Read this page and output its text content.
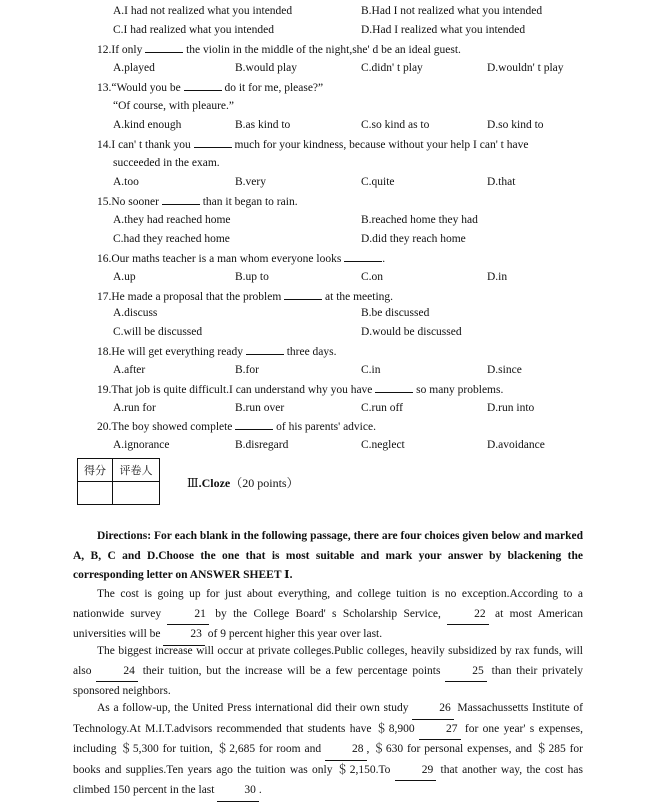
A.I had not realized what you intended	B.Had I not realized what you intended
C.I had realized what you intended	D.Had I realized what you intended
12.If only	the violin in the middle of the night,she' d be an ideal guest.
A.played	B.would play	C.didn' t play	D.wouldn' t play
13.“Would you be	do it for me, please?”
“Of course, with pleaure.”
A.kind enough	B.as kind to	C.so kind as to	D.so kind to
14.I can' t thank you	much for your kindness, because without your help I can' t have
succeeded in the exam.
A.too	B.very	C.quite	D.that
15.No sooner	than it began to rain.
A.they had reached home	B.reached home they had
C.had they reached home	D.did they reach home
16.Our maths teacher is a man whom everyone looks	.
A.up	B.up to	C.on	D.in
17.He made a proposal that the problem	at the meeting.
A.discuss	B.be discussed
C.will be discussed	D.would be discussed
18.He will get everything ready	three days.
A.after	B.for	C.in	D.since
19.That job is quite difficult.I can understand why you have	so many problems.
A.run for	B.run over	C.run off	D.run into
20.The boy showed complete	of his parents' advice.
A.ignorance	B.disregard	C.neglect	D.avoidance
得分	评卷人

Ⅲ.Cloze（20 points）
Directions: For each blank in the following passage, there are four choices given below and marked A, B, C and D.Choose the one that is most suitable and mark your answer by blackening the corresponding letter on ANSWER SHEET Ⅰ.
The cost is going up for just about everything, and college tuition is no exception.According to a nationwide survey	21 by the College Board' s Scholarship Service,	22 at most American universities will be	23 of 9 percent higher this year over last.
The biggest increase will occur at private colleges.Public colleges, heavily subsidized by rax funds, will also	24 their tuition, but the increase will be a few percentage points	25 than their privately sponsored neighbors.
As a follow-up, the United Press international did their own study	26 Massachussetts Institute of Technology.At M.I.T.advisors recommended that students have ＄8,900	27 for one year' s expenses, including ＄5,300 for tuition, ＄2,685 for room and	28 , ＄630 for personal expenses, and ＄285 for books and supplies.Ten years ago the tuition was only ＄2,150.To	29 that another way, the cost has climbed 150 percent in the last	30 .
